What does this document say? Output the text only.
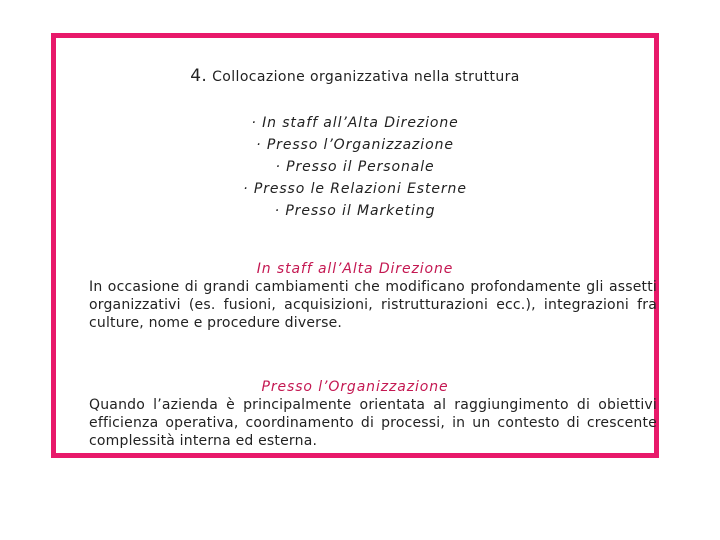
4. Collocazione organizzativa nella struttura
· In staff all’Alta Direzione
· Presso l’Organizzazione
· Presso il Personale
· Presso le Relazioni Esterne
· Presso il Marketing
In staff all’Alta Direzione
In occasione di grandi cambiamenti che modificano profondamente gli assetti organizzativi (es. fusioni, acquisizioni, ristrutturazioni ecc.), integrazioni fra culture, nome e procedure diverse.
Presso l’Organizzazione
Quando l’azienda è principalmente orientata al raggiungimento di obiettivi efficienza operativa, coordinamento di processi, in un contesto di crescente complessità interna ed esterna.
